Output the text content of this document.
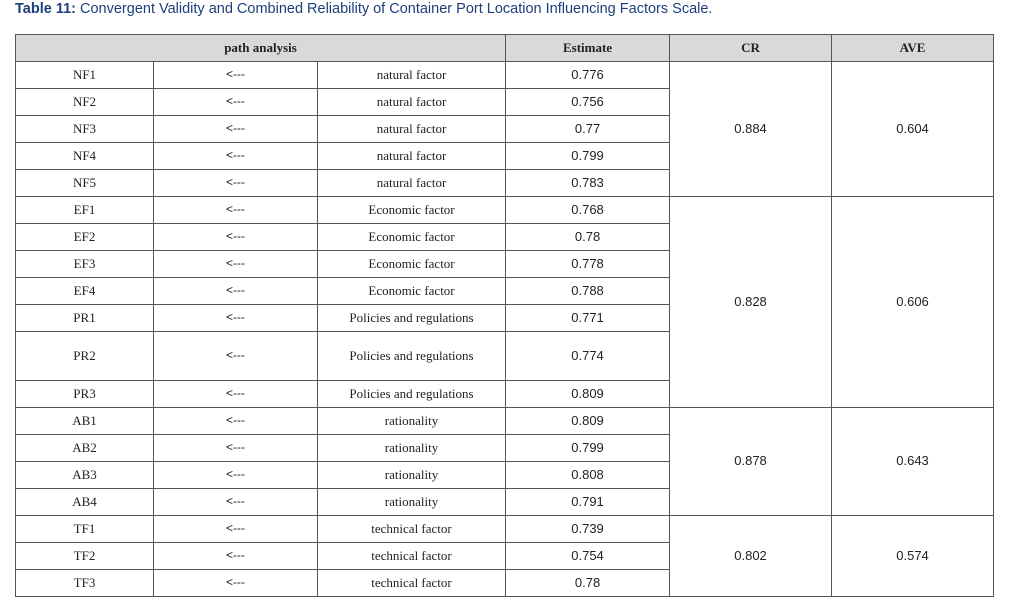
Table 11: Convergent Validity and Combined Reliability of Container Port Location Influencing Factors Scale.
path analysis			Estimate	CR	AVE
NF1	<---	natural factor	0.776	0.884	0.604
NF2	<---	natural factor	0.756		
NF3	<---	natural factor	0.77		
NF4	<---	natural factor	0.799		
NF5	<---	natural factor	0.783		
EF1	<---	Economic factor	0.768	0.828	0.606
EF2	<---	Economic factor	0.78		
EF3	<---	Economic factor	0.778		
EF4	<---	Economic factor	0.788		
PR1	<---	Policies and regulations	0.771		
PR2	<---	Policies and regulations	0.774		
PR3	<---	Policies and regulations	0.809		
AB1	<---	rationality	0.809	0.878	0.643
AB2	<---	rationality	0.799		
AB3	<---	rationality	0.808		
AB4	<---	rationality	0.791		
TF1	<---	technical factor	0.739	0.802	0.574
TF2	<---	technical factor	0.754		
TF3	<---	technical factor	0.78		
